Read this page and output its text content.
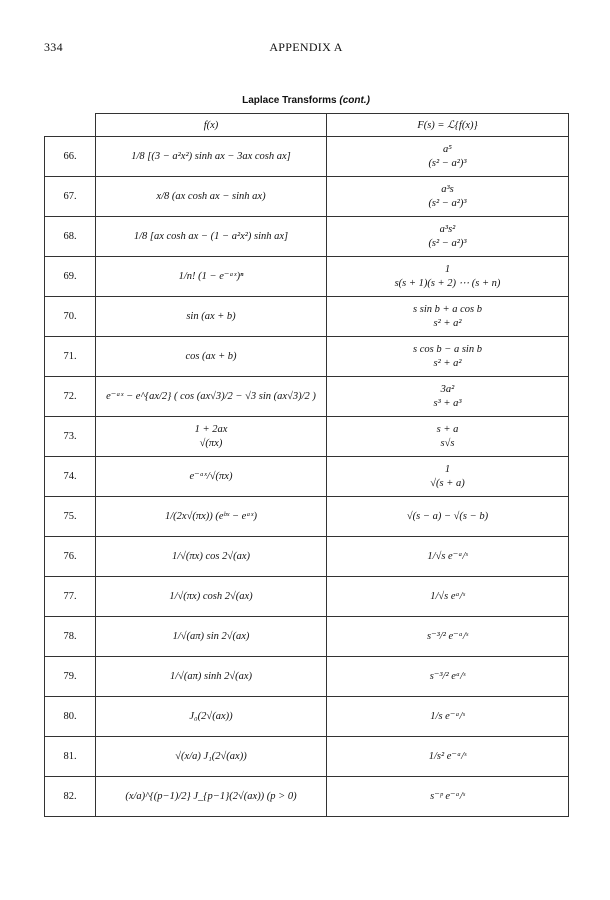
334	APPENDIX A
Laplace Transforms (cont.)
	f(x)	F(s) = ℒ{f(x)}
66.	1/8 [(3 − a²x²) sinh ax − 3ax cosh ax]	a⁵
(s² − a²)³
67.	x/8 (ax cosh ax − sinh ax)	a³s
(s² − a²)³
68.	1/8 [ax cosh ax − (1 − a²x²) sinh ax]	a³s²
(s² − a²)³
69.	1/n! (1 − e⁻ᵃˣ)ⁿ	1
s(s + 1)(s + 2) ⋯ (s + n)
70.	sin (ax + b)	s sin b + a cos b
s² + a²
71.	cos (ax + b)	s cos b − a sin b
s² + a²
72.	e⁻ᵃˣ − e^{ax/2} ( cos (ax√3)/2 − √3 sin (ax√3)/2 )	3a²
s³ + a³
73.	1 + 2ax
√(πx)	s + a
s√s
74.	e⁻ᵃˣ/√(πx)	1
√(s + a)
75.	1/(2x√(πx)) (eᵇˣ − eᵃˣ)	√(s − a) − √(s − b)
76.	1/√(πx) cos 2√(ax)	1/√s e⁻ᵃ/ˢ
77.	1/√(πx) cosh 2√(ax)	1/√s eᵃ/ˢ
78.	1/√(aπ) sin 2√(ax)	s⁻³/² e⁻ᵃ/ˢ
79.	1/√(aπ) sinh 2√(ax)	s⁻³/² eᵃ/ˢ
80.	J₀(2√(ax))	1/s e⁻ᵃ/ˢ
81.	√(x/a) J₁(2√(ax))	1/s² e⁻ᵃ/ˢ
82.	(x/a)^{(p−1)/2} J_{p−1}(2√(ax)) (p > 0)	s⁻ᵖ e⁻ᵃ/ˢ
